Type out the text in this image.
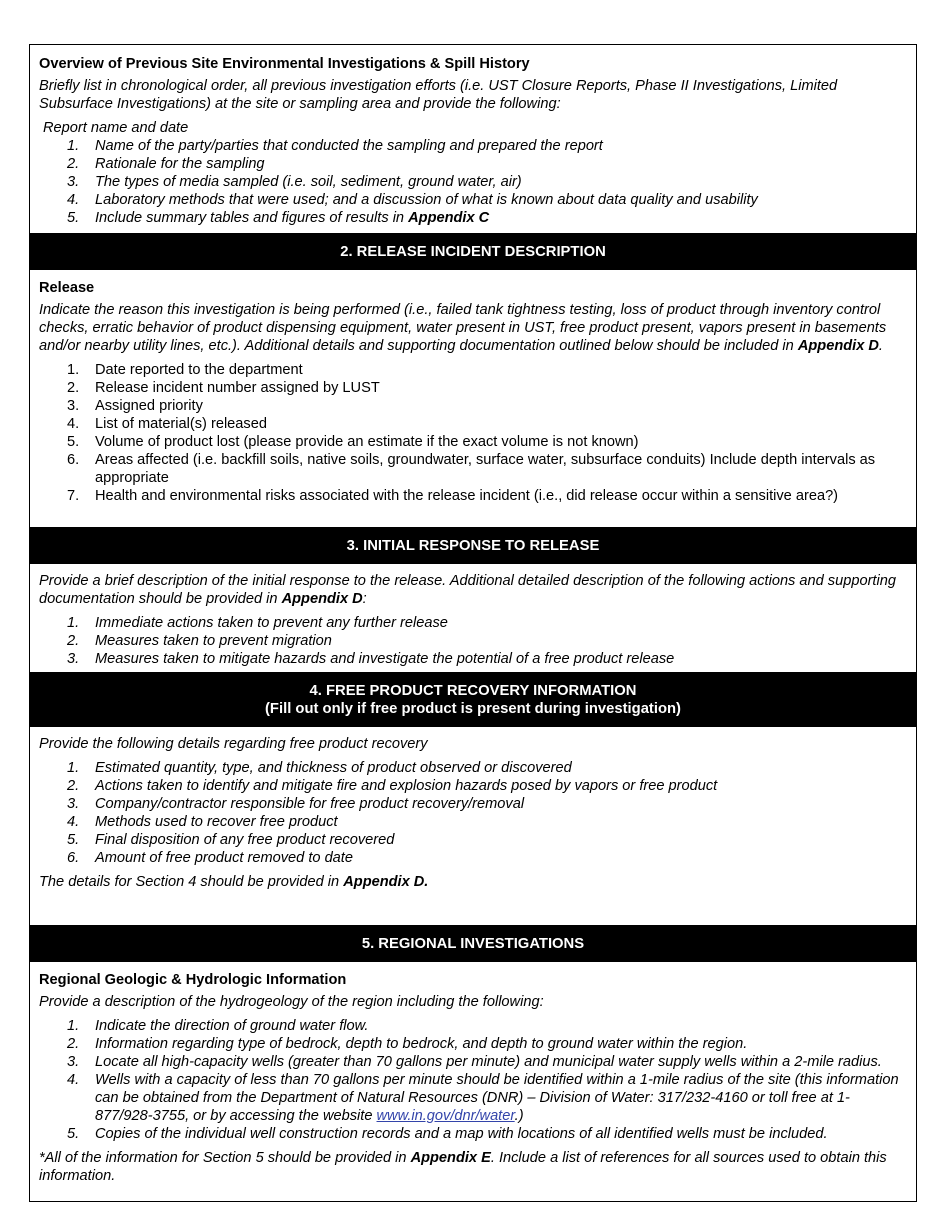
Overview of Previous Site Environmental Investigations & Spill History

Briefly list in chronological order, all previous investigation efforts (i.e. UST Closure Reports, Phase II Investigations, Limited Subsurface Investigations) at the site or sampling area and provide the following:

Report name and date

1.	Name of the party/parties that conducted the sampling and prepared the report
2.	Rationale for the sampling
3.	The types of media sampled (i.e. soil, sediment, ground water, air)
4.	Laboratory methods that were used; and a discussion of what is known about data quality and usability
5.	Include summary tables and figures of results in Appendix C
2. RELEASE INCIDENT DESCRIPTION
Release

Indicate the reason this investigation is being performed (i.e., failed tank tightness testing, loss of product through inventory control checks, erratic behavior of product dispensing equipment, water present in UST, free product present, vapors present in basements and/or nearby utility lines, etc.). Additional details and supporting documentation outlined below should be included in Appendix D.

1.	Date reported to the department
2.	Release incident number assigned by LUST
3.	Assigned priority
4.	List of material(s) released
5.	Volume of product lost (please provide an estimate if the exact volume is not known)
6.	Areas affected (i.e. backfill soils, native soils, groundwater, surface water, subsurface conduits) Include depth intervals as appropriate
7.	Health and environmental risks associated with the release incident (i.e., did release occur within a sensitive area?)
3. INITIAL RESPONSE TO RELEASE

Provide a brief description of the initial response to the release. Additional detailed description of the following actions and supporting documentation should be provided in Appendix D:

1.	Immediate actions taken to prevent any further release
2.	Measures taken to prevent migration
3.	Measures taken to mitigate hazards and investigate the potential of a free product release
4. FREE PRODUCT RECOVERY INFORMATION
(Fill out only if free product is present during investigation)

Provide the following details regarding free product recovery

1.	Estimated quantity, type, and thickness of product observed or discovered
2.	Actions taken to identify and mitigate fire and explosion hazards posed by vapors or free product
3.	Company/contractor responsible for free product recovery/removal
4.	Methods used to recover free product
5.	Final disposition of any free product recovered
6.	Amount of free product removed to date

The details for Section 4 should be provided in Appendix D.

5. REGIONAL INVESTIGATIONS
Regional Geologic & Hydrologic Information

Provide a description of the hydrogeology of the region including the following:

1.	Indicate the direction of ground water flow.
2.	Information regarding type of bedrock, depth to bedrock, and depth to ground water within the region.
3.	Locate all high-capacity wells (greater than 70 gallons per minute) and municipal water supply wells within a 2-mile radius.
4.	Wells with a capacity of less than 70 gallons per minute should be identified within a 1-mile radius of the site (this information can be obtained from the Department of Natural Resources (DNR) – Division of Water: 317/232-4160 or toll free at 1-877/928-3755, or by accessing the website www.in.gov/dnr/water.)
5.	Copies of the individual well construction records and a map with locations of all identified wells must be included.

*All of the information for Section 5 should be provided in Appendix E. Include a list of references for all sources used to obtain this information.
